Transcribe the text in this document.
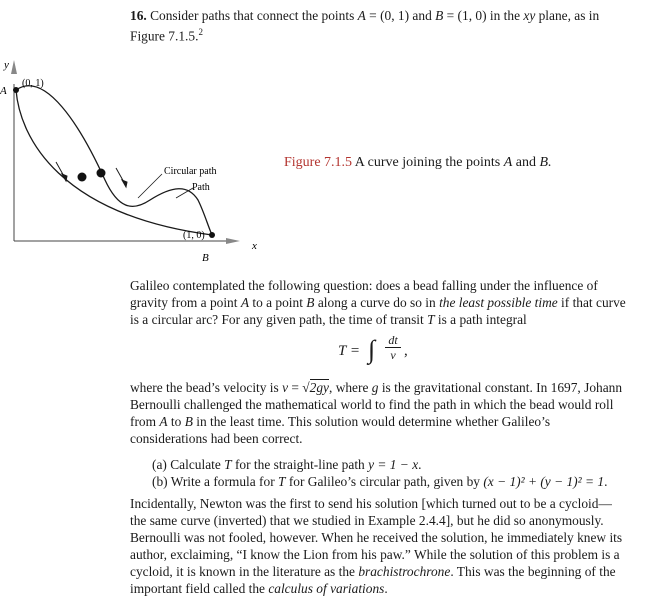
16. Consider paths that connect the points A = (0, 1) and B = (1, 0) in the xy plane, as in Figure 7.1.5.$^2$
y
x
A
(0, 1)
Circular path
Path
(1, 0)
B
Figure 7.1.5 A curve joining the points A and B.
Galileo contemplated the following question: does a bead falling under the influence of gravity from a point A to a point B along a curve do so in the least possible time if that curve is a circular arc? For any given path, the time of transit T is a path integral
T = ∫ dt
v ,
where the bead’s velocity is v = √2gy, where g is the gravitational constant. In 1697, Johann Bernoulli challenged the mathematical world to find the path in which the bead would roll from A to B in the least time. This solution would determine whether Galileo’s considerations had been correct.
(a) Calculate T for the straight-line path y = 1 − x.
(b) Write a formula for T for Galileo’s circular path, given by (x − 1)² + (y − 1)² = 1.
Incidentally, Newton was the first to send his solution [which turned out to be a cycloid—the same curve (inverted) that we studied in Example 2.4.4], but he did so anonymously. Bernoulli was not fooled, however. When he received the solution, he immediately knew its author, exclaiming, “I know the Lion from his paw.” While the solution of this problem is a cycloid, it is known in the literature as the brachistrochrone. This was the beginning of the important field called the calculus of variations.
